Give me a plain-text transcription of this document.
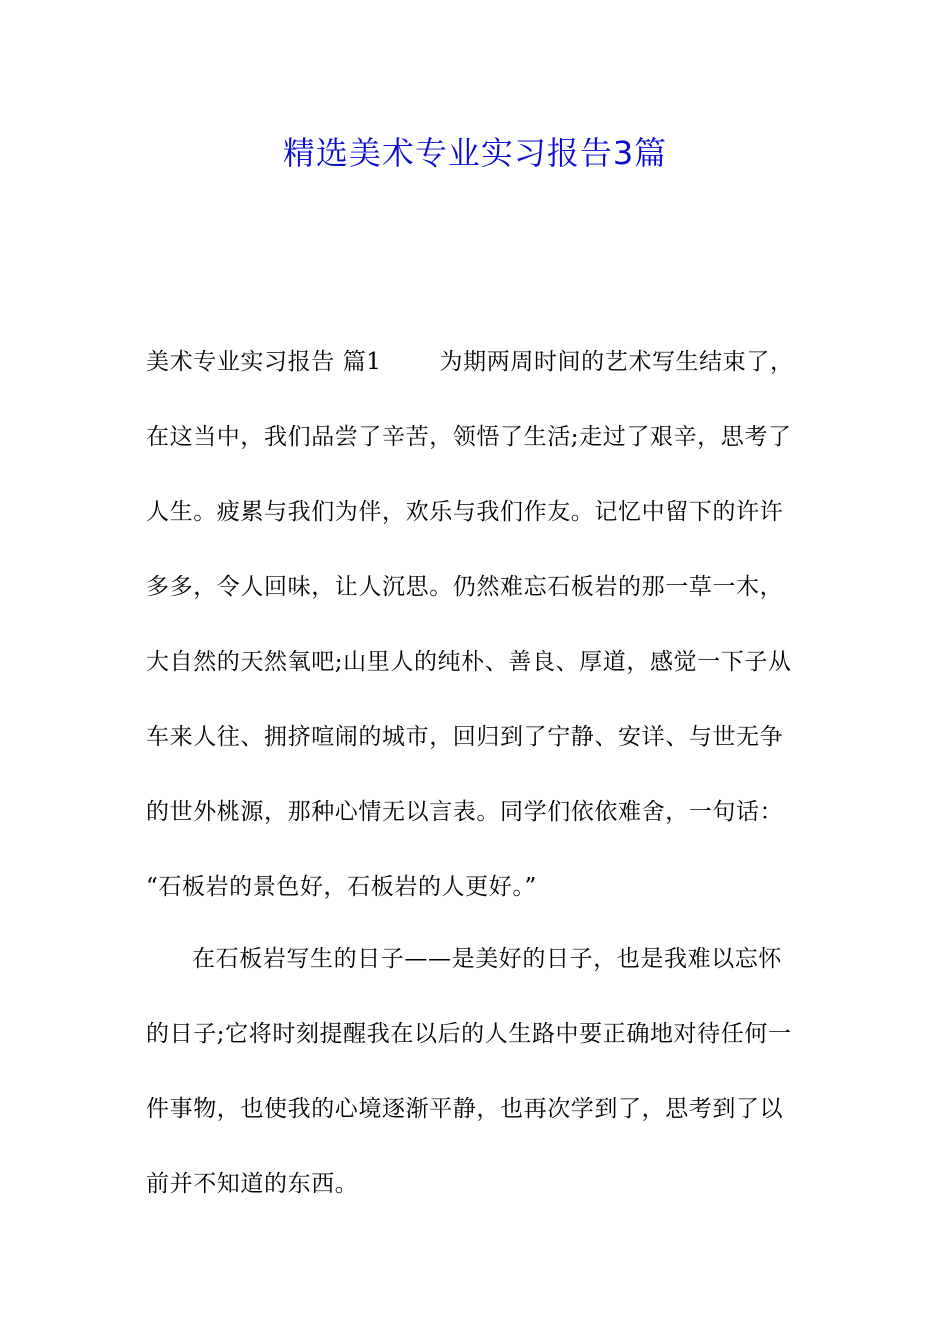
精选美术专业实习报告3篇
美术专业实习报告 篇1	为期两周时间的艺术写生结束了，
在这当中，我们品尝了辛苦，领悟了生活;走过了艰辛，思考了
人生。疲累与我们为伴，欢乐与我们作友。记忆中留下的许许
多多，令人回味，让人沉思。仍然难忘石板岩的那一草一木，
大自然的天然氧吧;山里人的纯朴、善良、厚道，感觉一下子从
车来人往、拥挤喧闹的城市，回归到了宁静、安详、与世无争
的世外桃源，那种心情无以言表。同学们依依难舍，一句话：
“石板岩的景色好，石板岩的人更好。”
在石板岩写生的日子——是美好的日子，也是我难以忘怀
的日子;它将时刻提醒我在以后的人生路中要正确地对待任何一
件事物，也使我的心境逐渐平静，也再次学到了，思考到了以
前并不知道的东西。
